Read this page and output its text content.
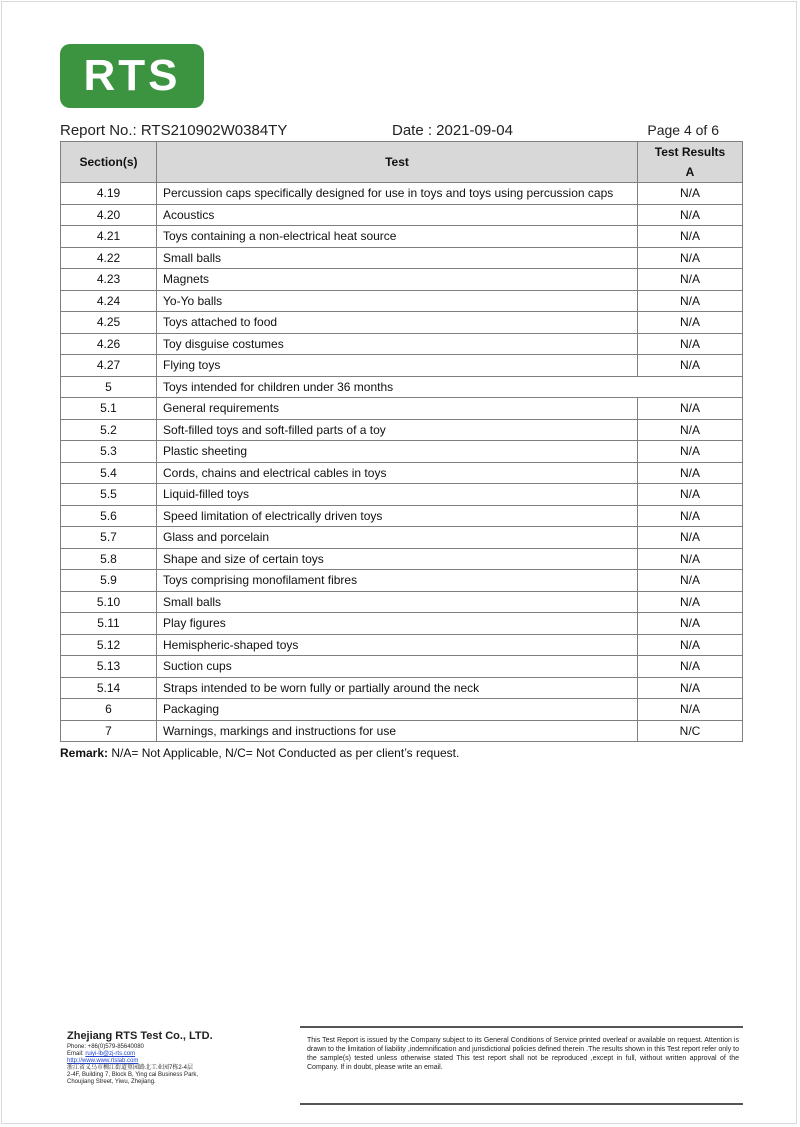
RTS
Report No.: RTS210902W0384TY	Date : 2021-09-04	Page 4 of 6
Section(s)	Test	Test Results
A

4.19	Percussion caps specifically designed for use in toys and toys using percussion caps	N/A
4.20	Acoustics	N/A
4.21	Toys containing a non-electrical heat source	N/A
4.22	Small balls	N/A
4.23	Magnets	N/A
4.24	Yo-Yo balls	N/A
4.25	Toys attached to food	N/A
4.26	Toy disguise costumes	N/A
4.27	Flying toys	N/A
5	Toys intended for children under 36 months	
5.1	General requirements	N/A
5.2	Soft-filled toys and soft-filled parts of a toy	N/A
5.3	Plastic sheeting	N/A
5.4	Cords, chains and electrical cables in toys	N/A
5.5	Liquid-filled toys	N/A
5.6	Speed limitation of electrically driven toys	N/A
5.7	Glass and porcelain	N/A
5.8	Shape and size of certain toys	N/A
5.9	Toys comprising monofilament fibres	N/A
5.10	Small balls	N/A
5.11	Play figures	N/A
5.12	Hemispheric-shaped toys	N/A
5.13	Suction cups	N/A
5.14	Straps intended to be worn fully or partially around the neck	N/A
6	Packaging	N/A
7	Warnings, markings and instructions for use	N/C
Remark: N/A= Not Applicable, N/C= Not Conducted as per client’s request.
Zhejiang RTS Test Co., LTD.
Phone: +86(0)579-85640080
Email: ruiyi-lb@zj-rts.com
http://www.www.rtslab.com
浙江省义乌市稠江街道篁园路北工业园7栋2-4层
2-4F, Building 7, Block B, Ying cai Business Park,
Choujiang Street, Yiwu, Zhejiang.
This Test Report is issued by the Company subject to its General Conditions of Service printed overleaf or available on request. Attention is drawn to the limitation of liability ,indemnification and jurisdictional policies defined therein .The results shown in this Test report refer only to the sample(s) tested unless otherwise stated This test report shall not be reproduced ,except in full, without written approval of the Company. If in doubt, please write an email.
